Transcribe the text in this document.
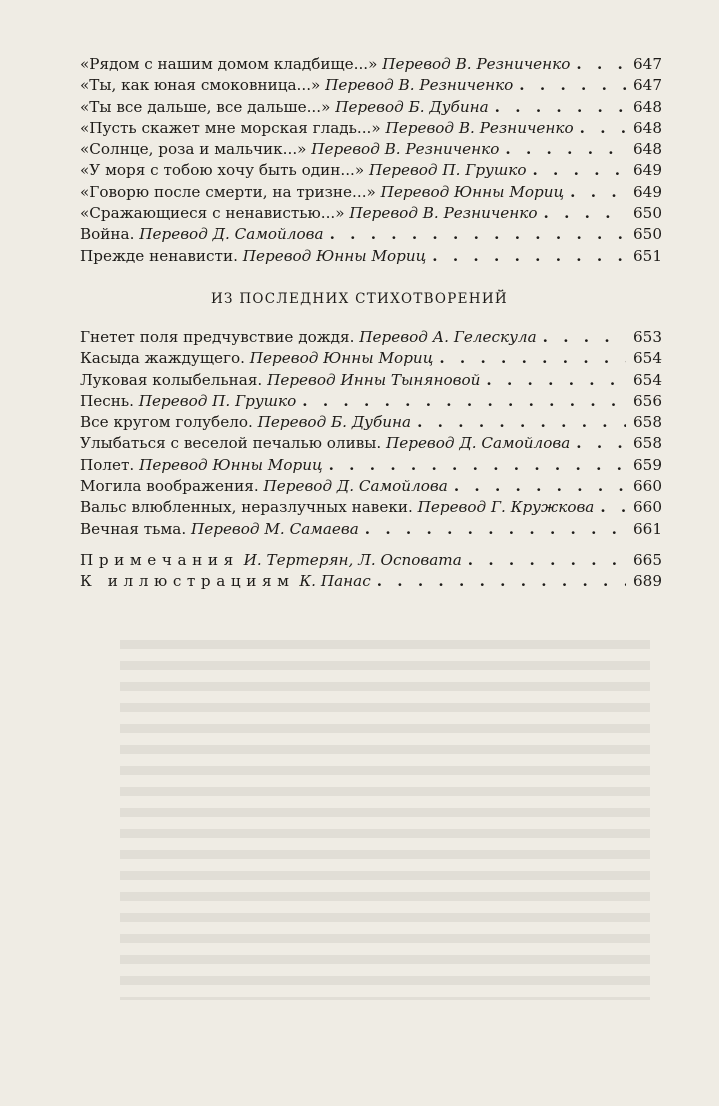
«Рядом с нашим домом кладбище...»
Перевод В. Резниченко . . .	647
«Ты, как юная смоковница...»
Перевод В. Резниченко . . .	647
«Ты все дальше, все дальше...»
Перевод Б. Дубина . . .	648
«Пусть скажет мне морская гладь...»
Перевод В. Резниченко . . .	648
«Солнце, роза и мальчик...»
Перевод В. Резниченко . . .	648
«У моря с тобою хочу быть один...»
Перевод П. Грушко . . .	649
«Говорю после смерти, на тризне...»
Перевод Юнны Мориц . . .	649
«Сражающиеся с ненавистью...»
Перевод В. Резниченко . . .	650
Война.
Перевод Д. Самойлова . . .	650
Прежде ненависти.
Перевод Юнны Мориц . . .	651
ИЗ ПОСЛЕДНИХ СТИХОТВОРЕНИЙ
Гнетет поля предчувствие дождя.
Перевод А. Гелескула . . .	653
Касыда жаждущего.
Перевод Юнны Мориц . . .	654
Луковая колыбельная.
Перевод Инны Тыняновой . . .	654
Песнь.
Перевод П. Грушко . . .	656
Все кругом голубело.
Перевод Б. Дубина . . .	658
Улыбаться с веселой печалью оливы.
Перевод Д. Самойлова . . .	658
Полет.
Перевод Юнны Мориц . . .	659
Могила воображения.
Перевод Д. Самойлова . . .	660
Вальс влюбленных, неразлучных навеки.
Перевод Г. Кружкова . . .	660
Вечная тьма.
Перевод М. Самаева . . .	661
Примечания
И. Тертерян, Л. Осповата . . .	665
К иллюстрациям
К. Панас . . .	689
